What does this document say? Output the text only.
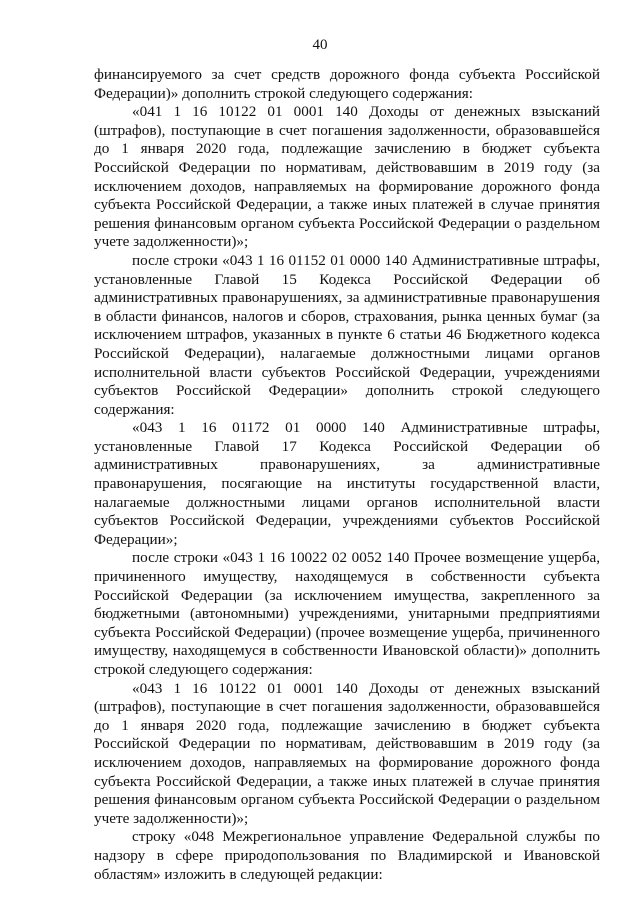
40

финансируемого за счет средств дорожного фонда субъекта Российской Федерации)» дополнить строкой следующего содержания:

«041 1 16 10122 01 0001 140 Доходы от денежных взысканий (штрафов), поступающие в счет погашения задолженности, образовавшейся до 1 января 2020 года, подлежащие зачислению в бюджет субъекта Российской Федерации по нормативам, действовавшим в 2019 году (за исключением доходов, направляемых на формирование дорожного фонда субъекта Российской Федерации, а также иных платежей в случае принятия решения финансовым органом субъекта Российской Федерации о раздельном учете задолженности)»;

после строки «043 1 16 01152 01 0000 140 Административные штрафы, установленные Главой 15 Кодекса Российской Федерации об административных правонарушениях, за административные правонарушения в области финансов, налогов и сборов, страхования, рынка ценных бумаг (за исключением штрафов, указанных в пункте 6 статьи 46 Бюджетного кодекса Российской Федерации), налагаемые должностными лицами органов исполнительной власти субъектов Российской Федерации, учреждениями субъектов Российской Федерации» дополнить строкой следующего содержания:

«043 1 16 01172 01 0000 140 Административные штрафы, установленные Главой 17 Кодекса Российской Федерации об административных правонарушениях, за административные правонарушения, посягающие на институты государственной власти, налагаемые должностными лицами органов исполнительной власти субъектов Российской Федерации, учреждениями субъектов Российской Федерации»;

после строки «043 1 16 10022 02 0052 140 Прочее возмещение ущерба, причиненного имуществу, находящемуся в собственности субъекта Российской Федерации (за исключением имущества, закрепленного за бюджетными (автономными) учреждениями, унитарными предприятиями субъекта Российской Федерации) (прочее возмещение ущерба, причиненного имуществу, находящемуся в собственности Ивановской области)» дополнить строкой следующего содержания:

«043 1 16 10122 01 0001 140 Доходы от денежных взысканий (штрафов), поступающие в счет погашения задолженности, образовавшейся до 1 января 2020 года, подлежащие зачислению в бюджет субъекта Российской Федерации по нормативам, действовавшим в 2019 году (за исключением доходов, направляемых на формирование дорожного фонда субъекта Российской Федерации, а также иных платежей в случае принятия решения финансовым органом субъекта Российской Федерации о раздельном учете задолженности)»;

строку «048 Межрегиональное управление Федеральной службы по надзору в сфере природопользования по Владимирской и Ивановской областям» изложить в следующей редакции:
